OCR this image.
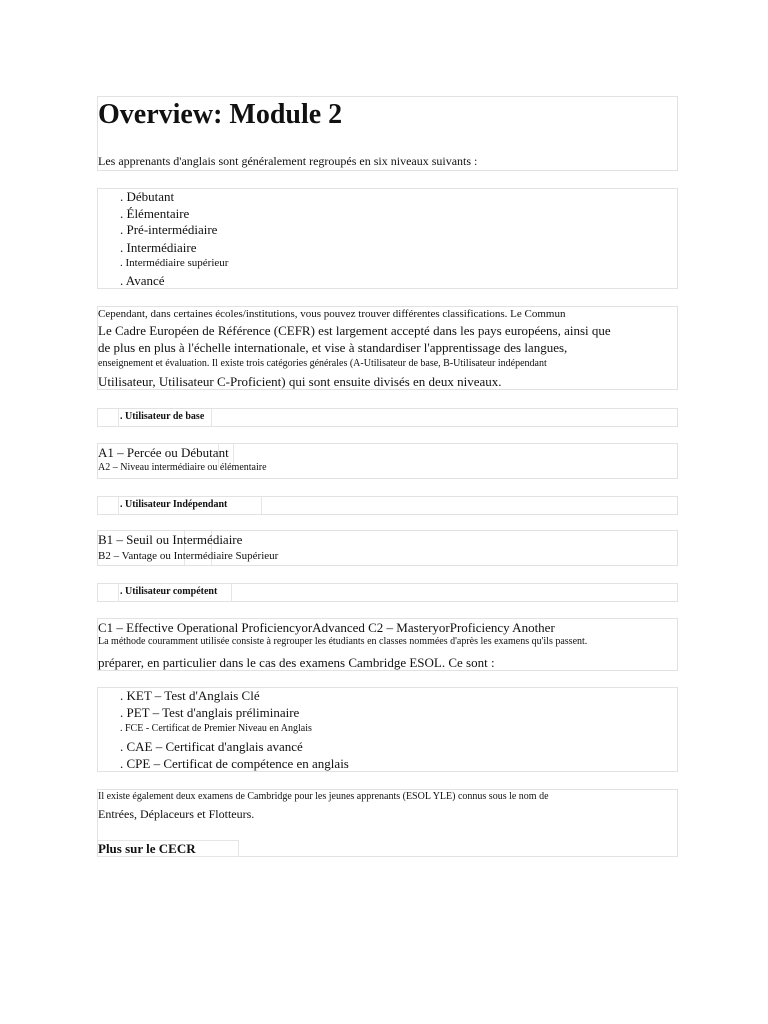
Overview: Module 2
Les apprenants d'anglais sont généralement regroupés en six niveaux suivants :
. Débutant
. Élémentaire
. Pré-intermédiaire
. Intermédiaire
. Intermédiaire supérieur
. Avancé
Cependant, dans certaines écoles/institutions, vous pouvez trouver différentes classifications. Le Commun
Le Cadre Européen de Référence (CEFR) est largement accepté dans les pays européens, ainsi que
de plus en plus à l'échelle internationale, et vise à standardiser l'apprentissage des langues,
enseignement et évaluation. Il existe trois catégories générales (A-Utilisateur de base, B-Utilisateur indépendant
Utilisateur, Utilisateur C-Proficient) qui sont ensuite divisés en deux niveaux.
. Utilisateur de base
A1 – Percée ou Débutant
A2 – Niveau intermédiaire ou élémentaire
. Utilisateur Indépendant
B1 – Seuil ou Intermédiaire
B2 – Vantage ou Intermédiaire Supérieur
. Utilisateur compétent
C1 – Effective Operational ProficiencyorAdvanced C2 – MasteryorProficiency Another
La méthode couramment utilisée consiste à regrouper les étudiants en classes nommées d'après les examens qu'ils passent.
préparer, en particulier dans le cas des examens Cambridge ESOL. Ce sont :
. KET – Test d'Anglais Clé
. PET – Test d'anglais préliminaire
. FCE - Certificat de Premier Niveau en Anglais
. CAE – Certificat d'anglais avancé
. CPE – Certificat de compétence en anglais
Il existe également deux examens de Cambridge pour les jeunes apprenants (ESOL YLE) connus sous le nom de
Entrées, Déplaceurs et Flotteurs.
Plus sur le CECR
